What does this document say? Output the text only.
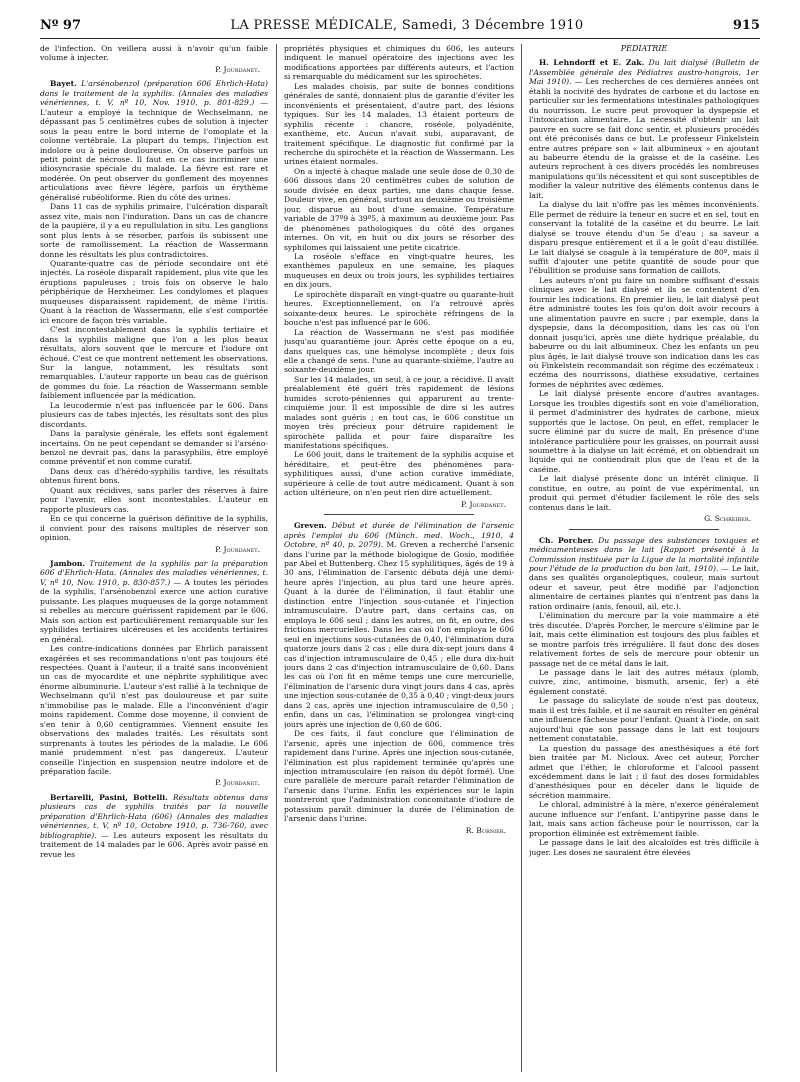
Nº 97	LA PRESSE MÉDICALE, Samedi, 3 Décembre 1910	915

de l'infection. On veillera aussi à n'avoir qu'un faible volume à injecter.

P. Jourdanet.

Bayet. L'arsénobenzol (préparation 606 Ehrlich-Hata) dans le traitement de la syphilis. (Annales des maladies vénériennes, t. V, nº 10, Nov. 1910, p. 801-829.) — L'auteur a employé la technique de Wechselmann, ne dépassant pas 5 centimètres cubes de solution à injecter sous la peau entre le bord interne de l'omoplate et la colonne vertébrale. La plupart du temps, l'injection est indolore ou à peine douloureuse. On observe parfois un petit point de nécrose. Il faut en ce cas incriminer une idiosyncrasie spéciale du malade. La fièvre est rare et modérée. On peut observer du gonflement des moyennes articulations avec fièvre légère, parfois un érythème généralisé rubéoliforme. Rien du côté des urines.

Dans 11 cas de syphilis primaire, l'ulcération disparaît assez vite, mais non l'induration. Dans un cas de chancre de la paupière, il y a eu repullulation in situ. Les ganglions sont plus lents à se résorber, parfois ils subissent une sorte de ramollissement. La réaction de Wassermann donne les résultats les plus contradictoires.

Quarante-quatre cas de période secondaire ont été injectés. La roséole disparaît rapidement, plus vite que les éruptions papuleuses ; trois fois on observe le halo périphérique de Herxheimer. Les condylomes et plaques muqueuses disparaissent rapidement, de même l'iritis. Quant à la réaction de Wassermann, elle s'est comportée ici encore de façon très variable.

C'est incontestablement dans la syphilis tertiaire et dans la syphilis maligne que l'on a les plus beaux résultats, alors souvent que le mercure et l'iodure ont échoué. C'est ce que montrent nettement les observations. Sur la langue, notamment, les résultats sont remarquables. L'auteur rapporte un beau cas de guérison de gommes du foie. La réaction de Wassermann semble faiblement influencée par la médication.

La leucodermie n'est pas influencée par le 606. Dans plusieurs cas de tabes injectés, les résultats sont des plus discordants.

Dans la paralysie générale, les effets sont également incertains. On ne peut cependant se demander si l'arséno-benzol ne devrait pas, dans la parasyphilis, être employé comme préventif et non comme curatif.

Dans deux cas d'hérédo-syphilis tardive, les résultats obtenus furent bons.

Quant aux récidives, sans parler des réserves à faire pour l'avenir, elles sont incontestables. L'auteur en rapporte plusieurs cas.

En ce qui concerne la guérison définitive de la syphilis, il convient pour des raisons multiples de réserver son opinion.

P. Jourdanet.

Jambon. Traitement de la syphilis par la préparation 606 d'Ehrlich-Hata. (Annales des maladies vénériennes, t. V, nº 10, Nov. 1910, p. 830-857.) — A toutes les périodes de la syphilis, l'arsénobenzol exerce une action curative puissante. Les plaques muqueuses de la gorge notamment si rebelles au mercure guérissent rapidement par le 606. Mais son action est particulièrement remarquable sur les syphilides tertiaires ulcéreuses et les accidents tertiaires en général.

Les contre-indications données par Ehrlich paraissent exagérées et ses recommandations n'ont pas toujours été respectées. Quant à l'auteur, il a traité sans inconvénient un cas de myocardite et une néphrite syphilitique avec énorme albuminurie. L'auteur s'est rallié à la technique de Wechselmann qu'il n'est pas douloureuse et par suite n'immobilise pas le malade. Elle a l'inconvénient d'agir moins rapidement. Comme dose moyenne, il convient de s'en tenir à 0,60 centigrammes. Viennent ensuite les observations des malades traités. Les résultats sont surprenants à toutes les périodes de la maladie. Le 606 manié prudemment n'est pas dangereux. L'auteur conseille l'injection en suspension neutre indolore et de préparation facile.

P. Jourdanet.

Bertarelli, Pasini, Bottelli. Résultats obtenus dans plusieurs cas de syphilis traités par la nouvelle préparation d'Ehrlich-Hata (606) (Annales des maladies vénériennes, t. V, nº 10, Octobre 1910, p. 736-760, avec bibliographie). — Les auteurs exposent les résultats du traitement de 14 malades par le 606. Après avoir passé en revue les

propriétés physiques et chimiques du 606, les auteurs indiquent le manuel opératoire des injections avec les modifications apportées par différents auteurs, et l'action si remarquable du médicament sur les spirochètes.

Les malades choisis, par suite de bonnes conditions générales de santé, donnaient plus de garantie d'éviter les inconvénients et présentaient, d'autre part, des lésions typiques. Sur les 14 malades, 13 étaient porteurs de syphilis récente : chancre, roséole, polyadénite, exanthème, etc. Aucun n'avait subi, auparavant, de traitement spécifique. Le diagnostic fut confirmé par la recherche du spirochète et la réaction de Wassermann. Les urines étaient normales.

On a injecté à chaque malade une seule dose de 0,30 de 606 dissous dans 20 centimètres cubes de solution de soude divisée en deux parties, une dans chaque fesse. Douleur vive, en général, surtout au deuxième ou troisième jour, disparue au bout d'une semaine. Température variable de 37º9 à 39º5, à maximum au deuxième jour. Pas de phénomènes pathologiques du côté des organes internes. On vit, en huit ou dix jours se résorber des syphilomes qui laissaient une petite cicatrice.

La roséole s'efface en vingt-quatre heures, les exanthèmes papuleux en une semaine, les plaques muqueuses en deux ou trois jours, les syphilides tertiaires en dix jours.

Le spirochète disparaît en vingt-quatre ou quarante-huit heures. Exceptionnellement, on l'a retrouvé après soixante-deux heures. Le spirochète réfringens de la bouche n'est pas influencé par le 606.

La réaction de Wassermann ne s'est pas modifiée jusqu'au quarantième jour. Après cette époque on a eu, dans quelques cas, une hémolyse incomplète ; deux fois elle a changé de sens. l'une au quarante-sixième, l'autre au soixante-deuxième jour.

Sur les 14 malades, un seul, à ce jour, a récidivé. Il avait préalablement été guéri très rapidement de lésions humides scroto-péniennes qui apparurent au trente-cinquième jour. Il est impossible de dire si les autres malades sont guéris ; en tout cas, le 606 constitue un moyen très précieux pour détruire rapidement le spirochète pallida et pour faire disparaître les manifestations spécifiques.

Le 606 jouit, dans le traitement de la syphilis acquise et héréditaire, et peut-être des phénomènes para-syphilitiques aussi, d'une action curative immédiate, supérieure à celle de tout autre médicament. Quant à son action ultérieure, on n'en peut rien dire actuellement.

P. Jourdanet.

Greven. Début et durée de l'élimination de l'arsenic après l'emploi du 606 (Münch. med. Woch., 1910, 4 Octobre, nº 40, p. 2079). M. Greven a recherché l'arsenic dans l'urine par la méthode biologique de Gosio, modifiée par Abel et Buttenberg. Chez 15 syphilitiques, âgés de 19 à 30 ans, l'élimination de l'arsenic débuta déjà une demi-heure après l'injection, au plus tard une heure après. Quant à la durée de l'élimination, il faut établir une distinction entre l'injection sous-cutanée et l'injection intramusculaire. D'autre part, dans certains cas, on employa le 606 seul ; dans les autres, on fit, en outre, des frictions mercurielles. Dans les cas où l'on employa le 606 seul en injections sous-cutanées de 0,40, l'élimination dura quatorze jours dans 2 cas ; elle dura dix-sept jours dans 4 cas d'injection intramusculaire de 0,45 ; elle dura dix-huit jours dans 2 cas d'injection intramusculaire de 0,60. Dans les cas où l'on fit en même temps une cure mercurielle, l'élimination de l'arsenic dura vingt jours dans 4 cas, après une injection sous-cutanée de 0,35 à 0,40 ; vingt-deux jours dans 2 cas, après une injection intramusculaire de 0,50 ; enfin, dans un cas, l'élimination se prolongea vingt-cinq jours après une injection de 0,60 de 606.

De ces faits, il faut conclure que l'élimination de l'arsenic, après une injection de 606, commence très rapidement dans l'urine. Après une injection sous-cutanée, l'élimination est plus rapidement terminée qu'après une injection intramusculaire (en raison du dépôt formé). Une cure parallèle de mercure paraît retarder l'élimination de l'arsenic dans l'urine. Enfin les expériences sur le lapin montreront que l'administration concomitante d'iodure de potassium paraît diminuer la durée de l'élimination de l'arsenic dans l'urine.

R. Burnier.

PÉDIATRIE

H. Lehndorff et E. Zak. Du lait dialysé (Bulletin de l'Assemblée générale des Pédiatres austro-hongrois, 1er Mai 1910). — Les recherches de ces dernières années ont établi la nocivité des hydrates de carbone et du lactose en particulier sur les fermentations intestinales pathologiques du nourrisson. Le sucre peut provoquer la dyspepsie et l'intoxication alimentaire. La nécessité d'obtenir un lait pauvre en sucre se fait donc sentir, et plusieurs procédés ont été préconisés dans ce but. Le professeur Finkelstein entre autres prépare son « lait albumineux » en ajoutant au babeurre étendu de la graisse et de la caséine. Les auteurs reprochent à ces divers procédés les nombreuses manipulations qu'ils nécessitent et qui sont susceptibles de modifier la valeur nutritive des éléments contenus dans le lait.

La dialyse du lait n'offre pas les mêmes inconvénients. Elle permet de réduire la teneur en sucre et en sel, tout en conservant la totalité de la caséine et du beurre. Le lait dialysé se trouve étendu d'un 5e d'eau ; sa saveur a disparu presque entièrement et il a le goût d'eau distillée. Le lait dialysé se coagule à la température de 80º, mais il suffit d'ajouter une petite quantité de soude pour que l'ébullition se produise sans formation de caillots.

Les auteurs n'ont pu faire un nombre suffisant d'essais cliniques avec le lait dialysé et ils se contentent d'en fournir les indications. En premier lieu, le lait dialysé peut être administré toutes les fois qu'on doit avoir recours à une alimentation pauvre en sucre ; par exemple, dans la dyspepsie, dans la décomposition, dans les cas où l'on donnait jusqu'ici, après une diète hydrique préalable, du babeurre ou du lait albumineux. Chez les enfants un peu plus âgés, le lait dialysé trouve son indication dans les cas où Finkelstein recommandait son régime des eczémateux : eczéma des nourrissons, diathèse exsudative, certaines formes de néphrites avec œdèmes.

Le lait dialysé présente encore d'autres avantages. Lorsque les troubles digestifs sont en voie d'amélioration, il permet d'administrer des hydrates de carbone, mieux supportés que le lactose. On peut, en effet, remplacer le sucre éliminé par du sucre de malt. En présence d'une intolérance particulière pour les graisses, on pourrait aussi soumettre à la dialyse un lait écrémé, et on obtiendrait un liquide qui ne contiendrait plus que de l'eau et de la caséine.

Le lait dialysé présente donc un intérêt clinique. Il constitue, en outre, au point de vue expérimental, un produit qui permet d'étudier facilement le rôle des sels contenus dans le lait.

G. Schreiber.

Ch. Porcher. Du passage des substances toxiques et médicamenteuses dans le lait [Rapport présenté à la Commission instituée par la Ligue de la mortalité infantile pour l'étude de la production du bon lait, 1910). — Le lait, dans ses qualités organoleptiques, couleur, mais surtout odeur et saveur, peut être modifié par l'adjonction alimentaire de certaines plantes qui n'entrent pas dans la ration ordinaire (anis, fenouil, ail, etc.).

L'élimination du mercure par la voie mammaire a été très discutée. D'après Porcher, le mercure s'élimine par le lait, mais cette élimination est toujours des plus faibles et se montre parfois très irrégulière. Il faut donc des doses relativement fortes de sels de mercure pour obtenir un passage net de ce métal dans le lait.

Le passage dans le lait des autres métaux (plomb, cuivre, zinc, antimoine, bismuth, arsenic, fer) a été également constaté.

Le passage du salicylate de soude n'est pas douteux, mais il est très faible, et il ne saurait en résulter en général une influence fâcheuse pour l'enfant. Quant à l'iode, on sait aujourd'hui que son passage dans le lait est toujours nettement constatable.

La question du passage des anesthésiques a été fort bien traitée par M. Nicloux. Avec cet auteur, Porcher admet que l'éther, le chloroforme et l'alcool passent excédemment dans le lait ; il faut des doses formidables d'anesthésiques pour en déceler dans le liquide de sécrétion mammaire.

Le chloral, administré à la mère, n'exerce généralement aucune influence sur l'enfant. L'antipyrine passe dans le lait, mais sans action fâcheuse pour le nourrisson, car la proportion éliminée est extrêmement faible.

Le passage dans le lait des alcaloïdes est très difficile à juger. Les doses ne sauraient être élevées
